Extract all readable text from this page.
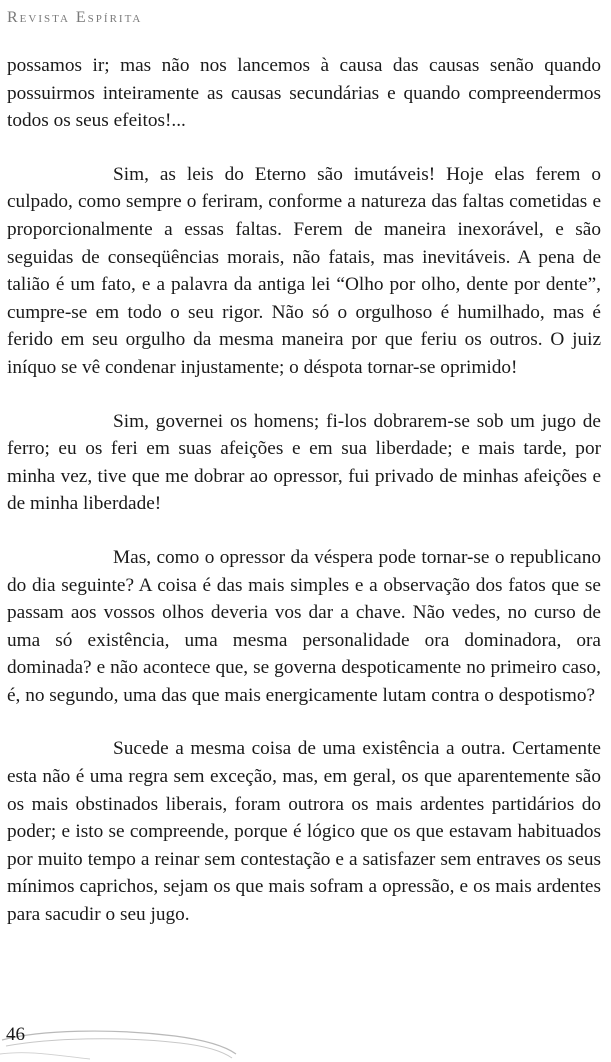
Revista Espírita

possamos ir; mas não nos lancemos à causa das causas senão quando possuirmos inteiramente as causas secundárias e quando compreendermos todos os seus efeitos!...

Sim, as leis do Eterno são imutáveis! Hoje elas ferem o culpado, como sempre o feriram, conforme a natureza das faltas cometidas e proporcionalmente a essas faltas. Ferem de maneira inexorável, e são seguidas de conseqüências morais, não fatais, mas inevitáveis. A pena de talião é um fato, e a palavra da antiga lei “Olho por olho, dente por dente”, cumpre-se em todo o seu rigor. Não só o orgulhoso é humilhado, mas é ferido em seu orgulho da mesma maneira por que feriu os outros. O juiz iníquo se vê condenar injustamente; o déspota tornar-se oprimido!

Sim, governei os homens; fi-los dobrarem-se sob um jugo de ferro; eu os feri em suas afeições e em sua liberdade; e mais tarde, por minha vez, tive que me dobrar ao opressor, fui privado de minhas afeições e de minha liberdade!

Mas, como o opressor da véspera pode tornar-se o republicano do dia seguinte? A coisa é das mais simples e a observação dos fatos que se passam aos vossos olhos deveria vos dar a chave. Não vedes, no curso de uma só existência, uma mesma personalidade ora dominadora, ora dominada? e não acontece que, se governa despoticamente no primeiro caso, é, no segundo, uma das que mais energicamente lutam contra o despotismo?

Sucede a mesma coisa de uma existência a outra. Certamente esta não é uma regra sem exceção, mas, em geral, os que aparentemente são os mais obstinados liberais, foram outrora os mais ardentes partidários do poder; e isto se compreende, porque é lógico que os que estavam habituados por muito tempo a reinar sem contestação e a satisfazer sem entraves os seus mínimos caprichos, sejam os que mais sofram a opressão, e os mais ardentes para sacudir o seu jugo.

46
